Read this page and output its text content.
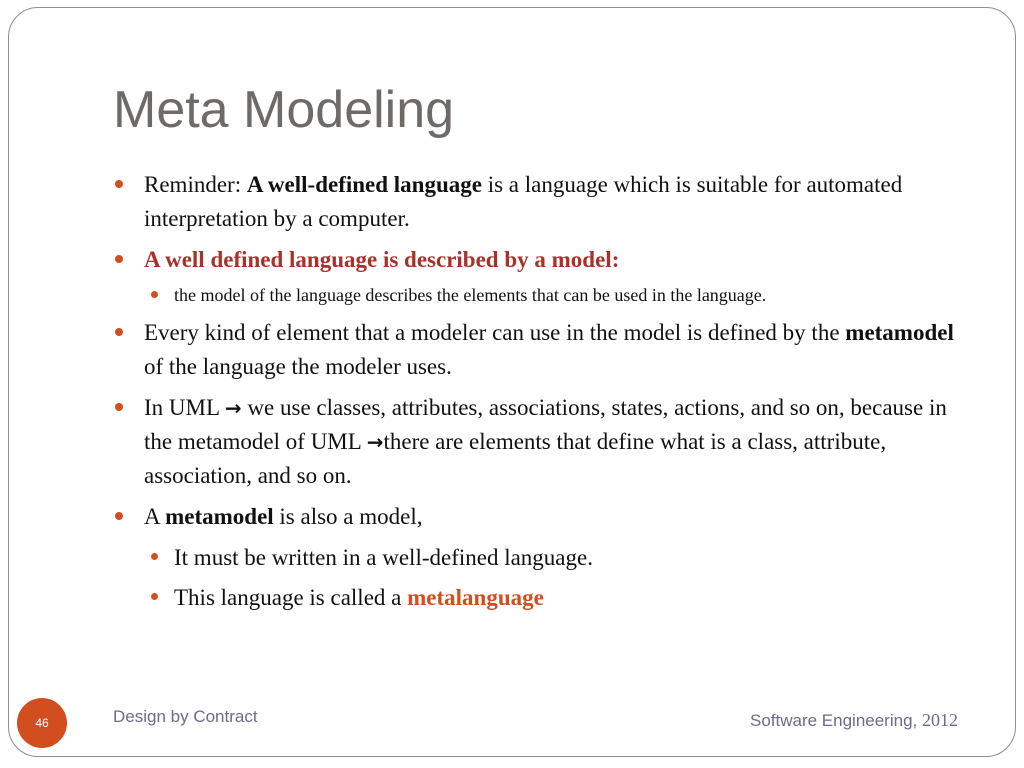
Meta Modeling
Reminder: A well-defined language is a language which is suitable for automated interpretation by a computer.
A well defined language is described by a model:
the model of the language describes the elements that can be used in the language.
Every kind of element that a modeler can use in the model is defined by the metamodel of the language the modeler uses.
In UML → we use classes, attributes, associations, states, actions, and so on, because in the metamodel of UML →there are elements that define what is a class, attribute, association, and so on.
A metamodel is also a model,
It must be written in a well-defined language.
This language is called a metalanguage
46	Design by Contract	Software Engineering, 2012
